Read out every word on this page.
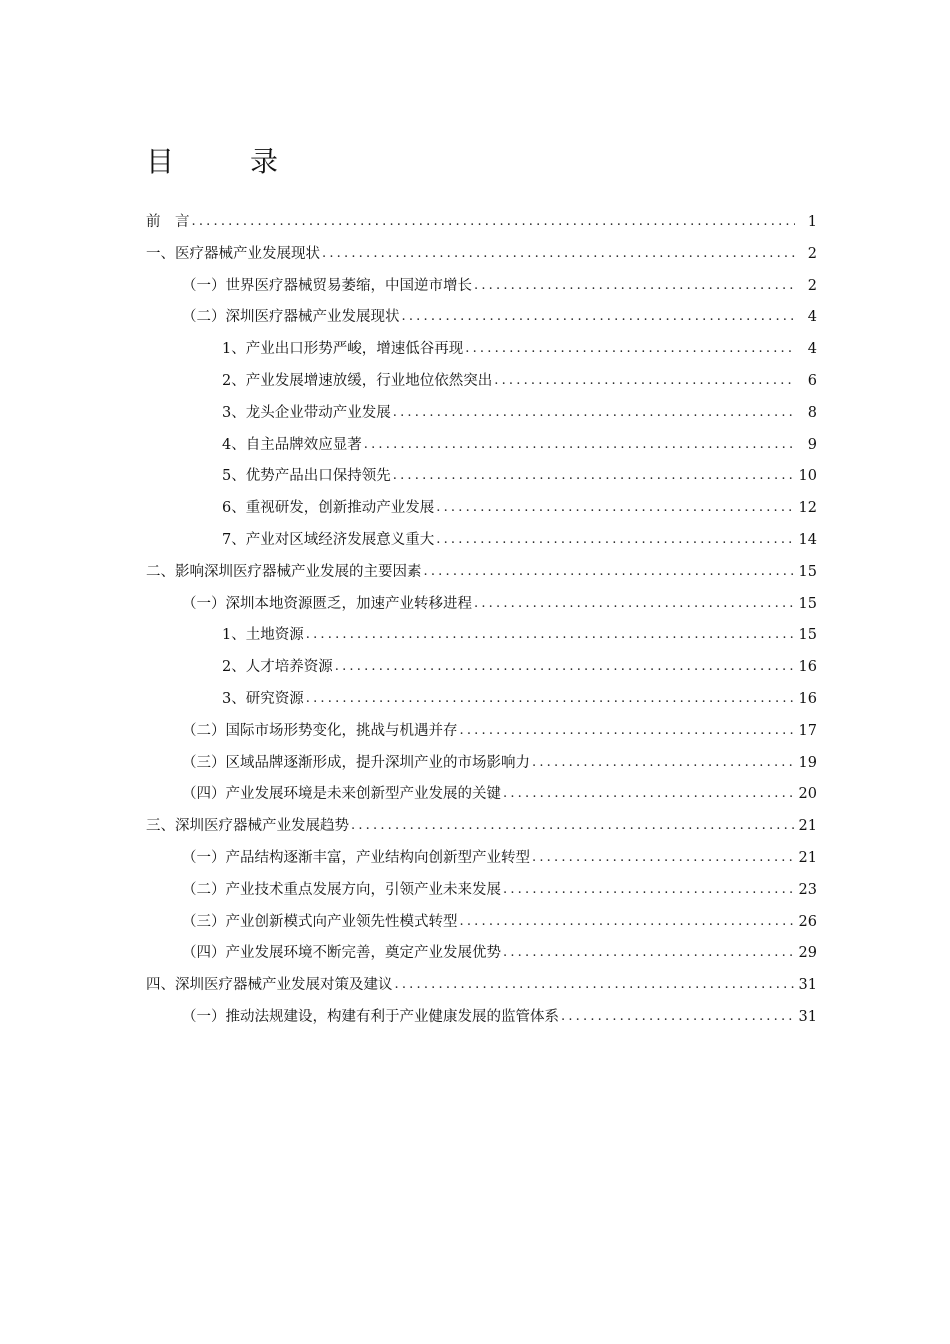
目　录
前　言 .....	1
一、医疗器械产业发展现状 .....	2
（一）世界医疗器械贸易萎缩，中国逆市增长 .....	2
（二）深圳医疗器械产业发展现状 .....	4
1、产业出口形势严峻，增速低谷再现 .....	4
2、产业发展增速放缓，行业地位依然突出 .....	6
3、龙头企业带动产业发展 .....	8
4、自主品牌效应显著 .....	9
5、优势产品出口保持领先 .....	10
6、重视研发，创新推动产业发展 .....	12
7、产业对区域经济发展意义重大 .....	14
二、影响深圳医疗器械产业发展的主要因素 .....	15
（一）深圳本地资源匮乏，加速产业转移进程 .....	15
1、土地资源 .....	15
2、人才培养资源 .....	16
3、研究资源 .....	16
（二）国际市场形势变化，挑战与机遇并存 .....	17
（三）区域品牌逐渐形成，提升深圳产业的市场影响力 .....	19
（四）产业发展环境是未来创新型产业发展的关键 .....	20
三、深圳医疗器械产业发展趋势 .....	21
（一）产品结构逐渐丰富，产业结构向创新型产业转型 .....	21
（二）产业技术重点发展方向，引领产业未来发展 .....	23
（三）产业创新模式向产业领先性模式转型 .....	26
（四）产业发展环境不断完善，奠定产业发展优势 .....	29
四、深圳医疗器械产业发展对策及建议 .....	31
（一）推动法规建设，构建有利于产业健康发展的监管体系 .....	31
